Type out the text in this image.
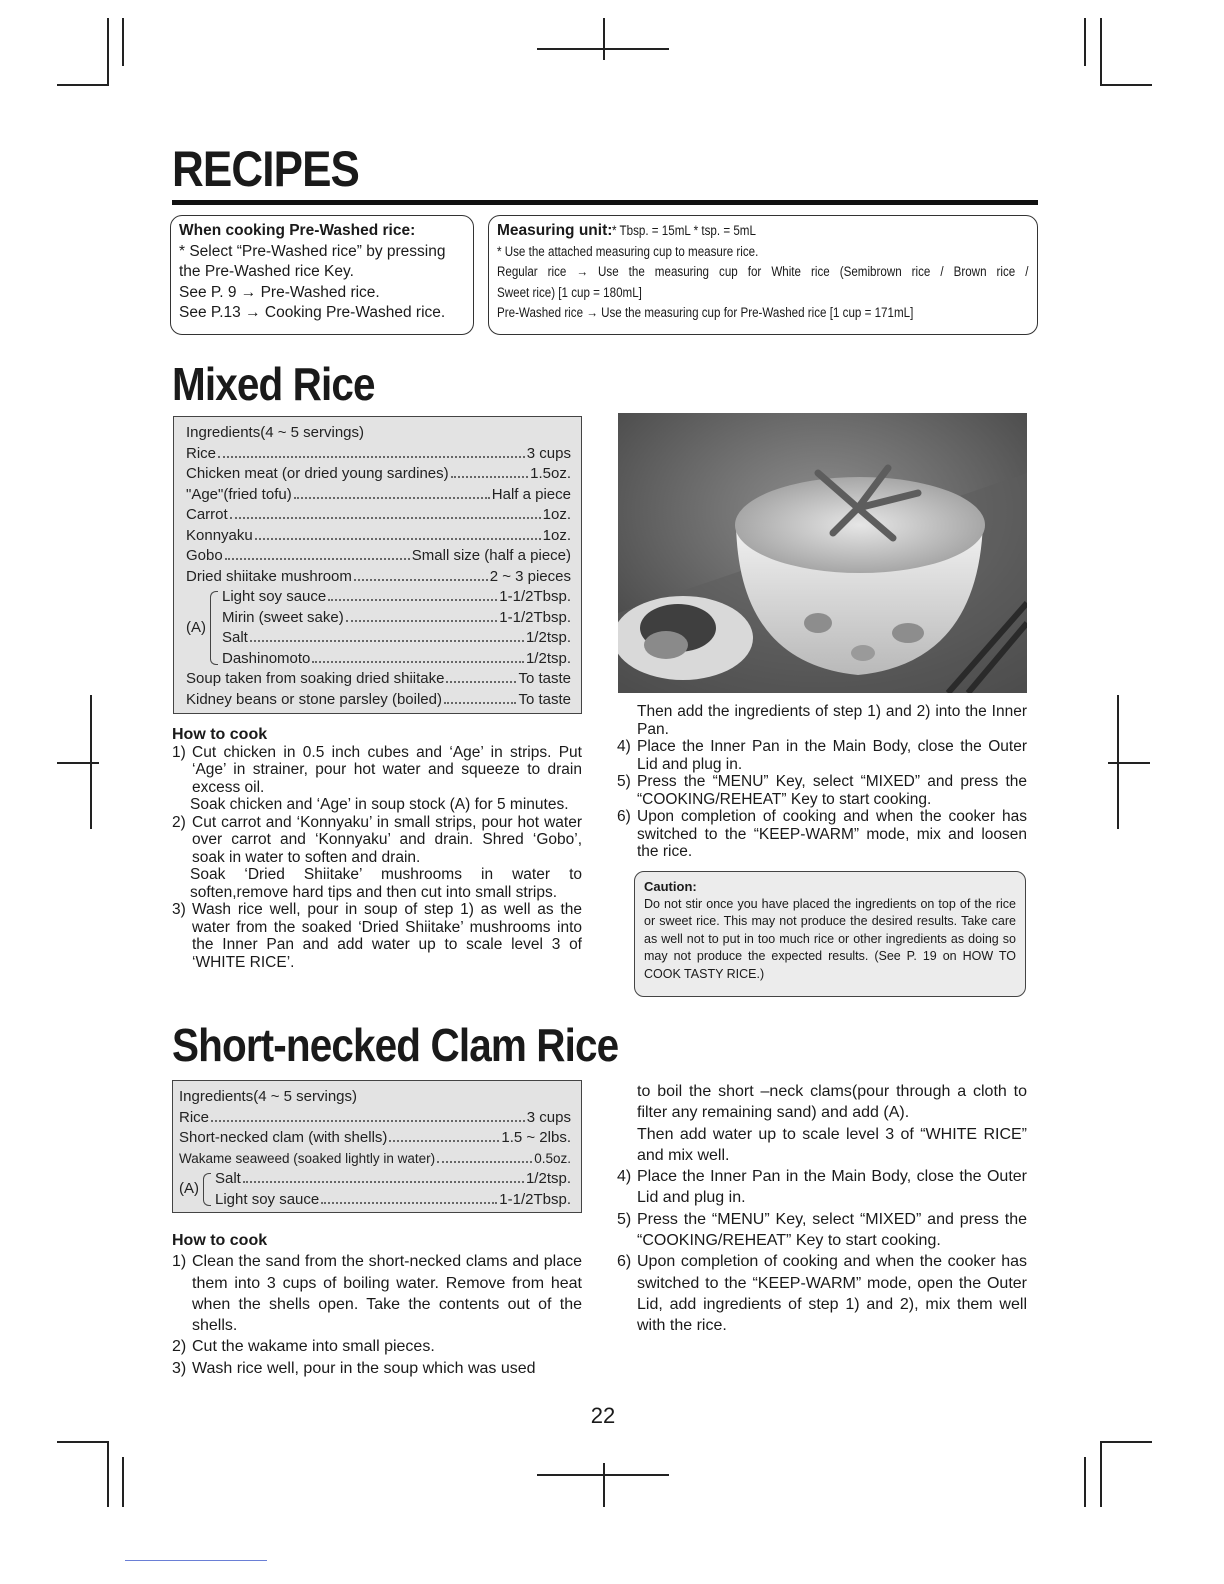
RECIPES
When cooking Pre-Washed rice:
* Select “Pre-Washed rice” by pressing
the Pre-Washed rice Key.
See P. 9 → Pre-Washed rice.
See P.13 → Cooking Pre-Washed rice.
Measuring unit:* Tbsp. = 15mL * tsp. = 5mL
* Use the attached measuring cup to measure rice.
Regular rice → Use the measuring cup for White rice (Semibrown rice / Brown rice /
Sweet rice) [1 cup = 180mL]
Pre-Washed rice → Use the measuring cup for Pre-Washed rice [1 cup = 171mL]
Mixed Rice
Ingredients(4 ~ 5 servings)
Rice	3 cups
Chicken meat (or dried young sardines)	1.5oz.
"Age"(fried tofu)	Half a piece
Carrot	1oz.
Konnyaku	1oz.
Gobo	Small size (half a piece)
Dried shiitake mushroom	2 ~ 3 pieces
(A)
Light soy sauce	1-1/2Tbsp.
Mirin (sweet sake)	1-1/2Tbsp.
Salt	1/2tsp.
Dashinomoto	1/2tsp.
Soup taken from soaking dried shiitake	To taste
Kidney beans or stone parsley (boiled)	To taste
How to cook
1) Cut chicken in 0.5 inch cubes and ‘Age’ in strips. Put ‘Age’ in strainer, pour hot water and squeeze to drain excess oil.
Soak chicken and ‘Age’ in soup stock (A) for 5 minutes.
2) Cut carrot and ‘Konnyaku’ in small strips, pour hot water over carrot and ‘Konnyaku’ and drain. Shred ‘Gobo’, soak in water to soften and drain.
Soak ‘Dried Shiitake’ mushrooms in water to soften,remove hard tips and then cut into small strips.
3) Wash rice well, pour in soup of step 1) as well as the water from the soaked ‘Dried Shiitake’ mushrooms into the Inner Pan and add water up to scale level 3 of ‘WHITE RICE’.
Then add the ingredients of step 1) and 2) into the Inner Pan.
4) Place the Inner Pan in the Main Body, close the Outer Lid and plug in.
5) Press the “MENU” Key, select “MIXED” and press the “COOKING/REHEAT” Key to start cooking.
6) Upon completion of cooking and when the cooker has switched to the “KEEP-WARM” mode, mix and loosen the rice.
Caution:
Do not stir once you have placed the ingredients on top of the rice or sweet rice. This may not produce the desired results. Take care as well not to put in too much rice or other ingredients as doing so may not produce the expected results. (See P. 19 on HOW TO COOK TASTY RICE.)
Short-necked Clam Rice
Ingredients(4 ~ 5 servings)
Rice	3 cups
Short-necked clam (with shells)	1.5 ~ 2lbs.
Wakame seaweed (soaked lightly in water)	0.5oz.
(A)
Salt	1/2tsp.
Light soy sauce	1-1/2Tbsp.
How to cook
1) Clean the sand from the short-necked clams and place them into 3 cups of boiling water. Remove from heat when the shells open. Take the contents out of the shells.
2) Cut the wakame into small pieces.
3) Wash rice well, pour in the soup which was used
to boil the short –neck clams(pour through a cloth to filter any remaining sand) and add (A).
Then add water up to scale level 3 of “WHITE RICE” and mix well.
4) Place the Inner Pan in the Main Body, close the Outer Lid and plug in.
5) Press the “MENU” Key, select “MIXED” and press the “COOKING/REHEAT” Key to start cooking.
6) Upon completion of cooking and when the cooker has switched to the “KEEP-WARM” mode, open the Outer Lid, add ingredients of step 1) and 2), mix them well with the rice.
22
